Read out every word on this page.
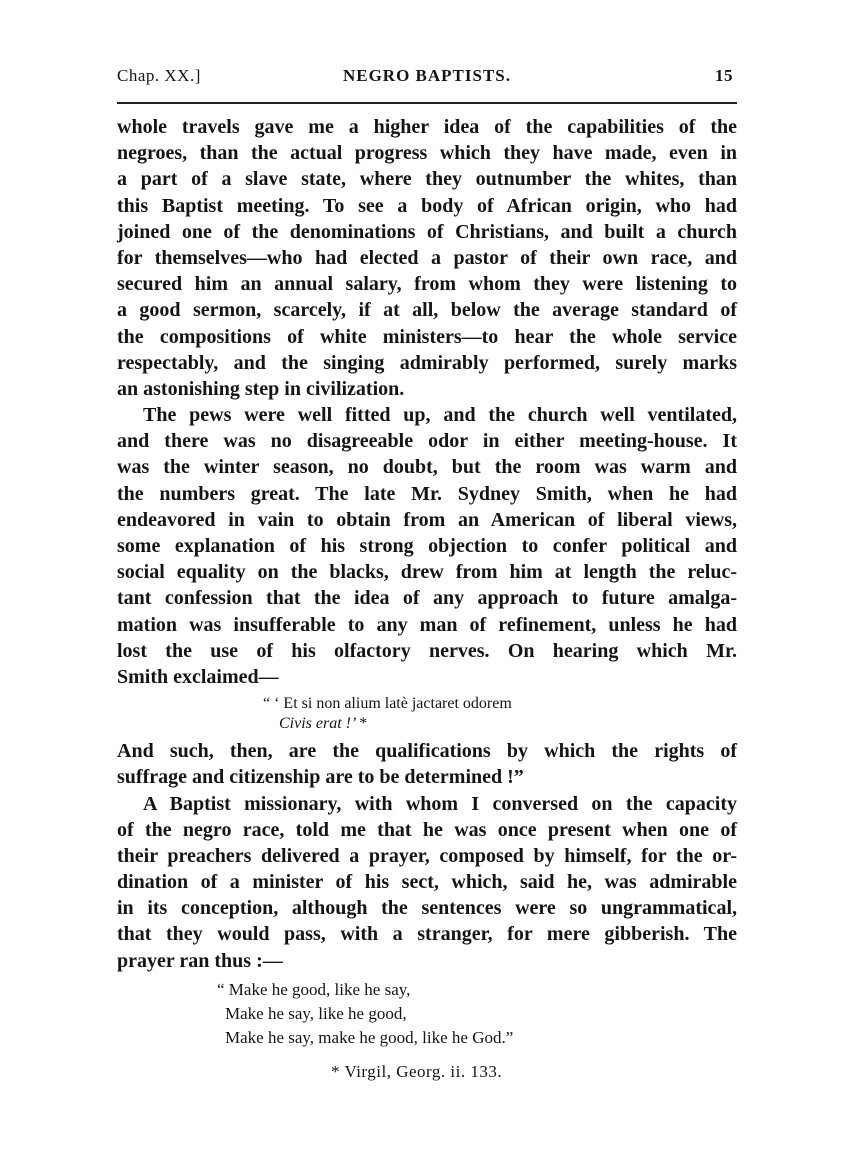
Chap. XX.]	NEGRO BAPTISTS.	15
whole travels gave me a higher idea of the capabilities of the
negroes, than the actual progress which they have made, even in
a part of a slave state, where they outnumber the whites, than
this Baptist meeting. To see a body of African origin, who had
joined one of the denominations of Christians, and built a church
for themselves—who had elected a pastor of their own race, and
secured him an annual salary, from whom they were listening to
a good sermon, scarcely, if at all, below the average standard of
the compositions of white ministers—to hear the whole service
respectably, and the singing admirably performed, surely marks
an astonishing step in civilization.
The pews were well fitted up, and the church well ventilated,
and there was no disagreeable odor in either meeting-house. It
was the winter season, no doubt, but the room was warm and
the numbers great. The late Mr. Sydney Smith, when he had
endeavored in vain to obtain from an American of liberal views,
some explanation of his strong objection to confer political and
social equality on the blacks, drew from him at length the reluc-
tant confession that the idea of any approach to future amalga-
mation was insufferable to any man of refinement, unless he had
lost the use of his olfactory nerves. On hearing which Mr.
Smith exclaimed—
“ ‘ Et si non alium latè jactaret odorem
Civis erat !’ *
And such, then, are the qualifications by which the rights of
suffrage and citizenship are to be determined !”
A Baptist missionary, with whom I conversed on the capacity
of the negro race, told me that he was once present when one of
their preachers delivered a prayer, composed by himself, for the or-
dination of a minister of his sect, which, said he, was admirable
in its conception, although the sentences were so ungrammatical,
that they would pass, with a stranger, for mere gibberish. The
prayer ran thus :—
“ Make he good, like he say,
Make he say, like he good,
Make he say, make he good, like he God.”
* Virgil, Georg. ii. 133.
